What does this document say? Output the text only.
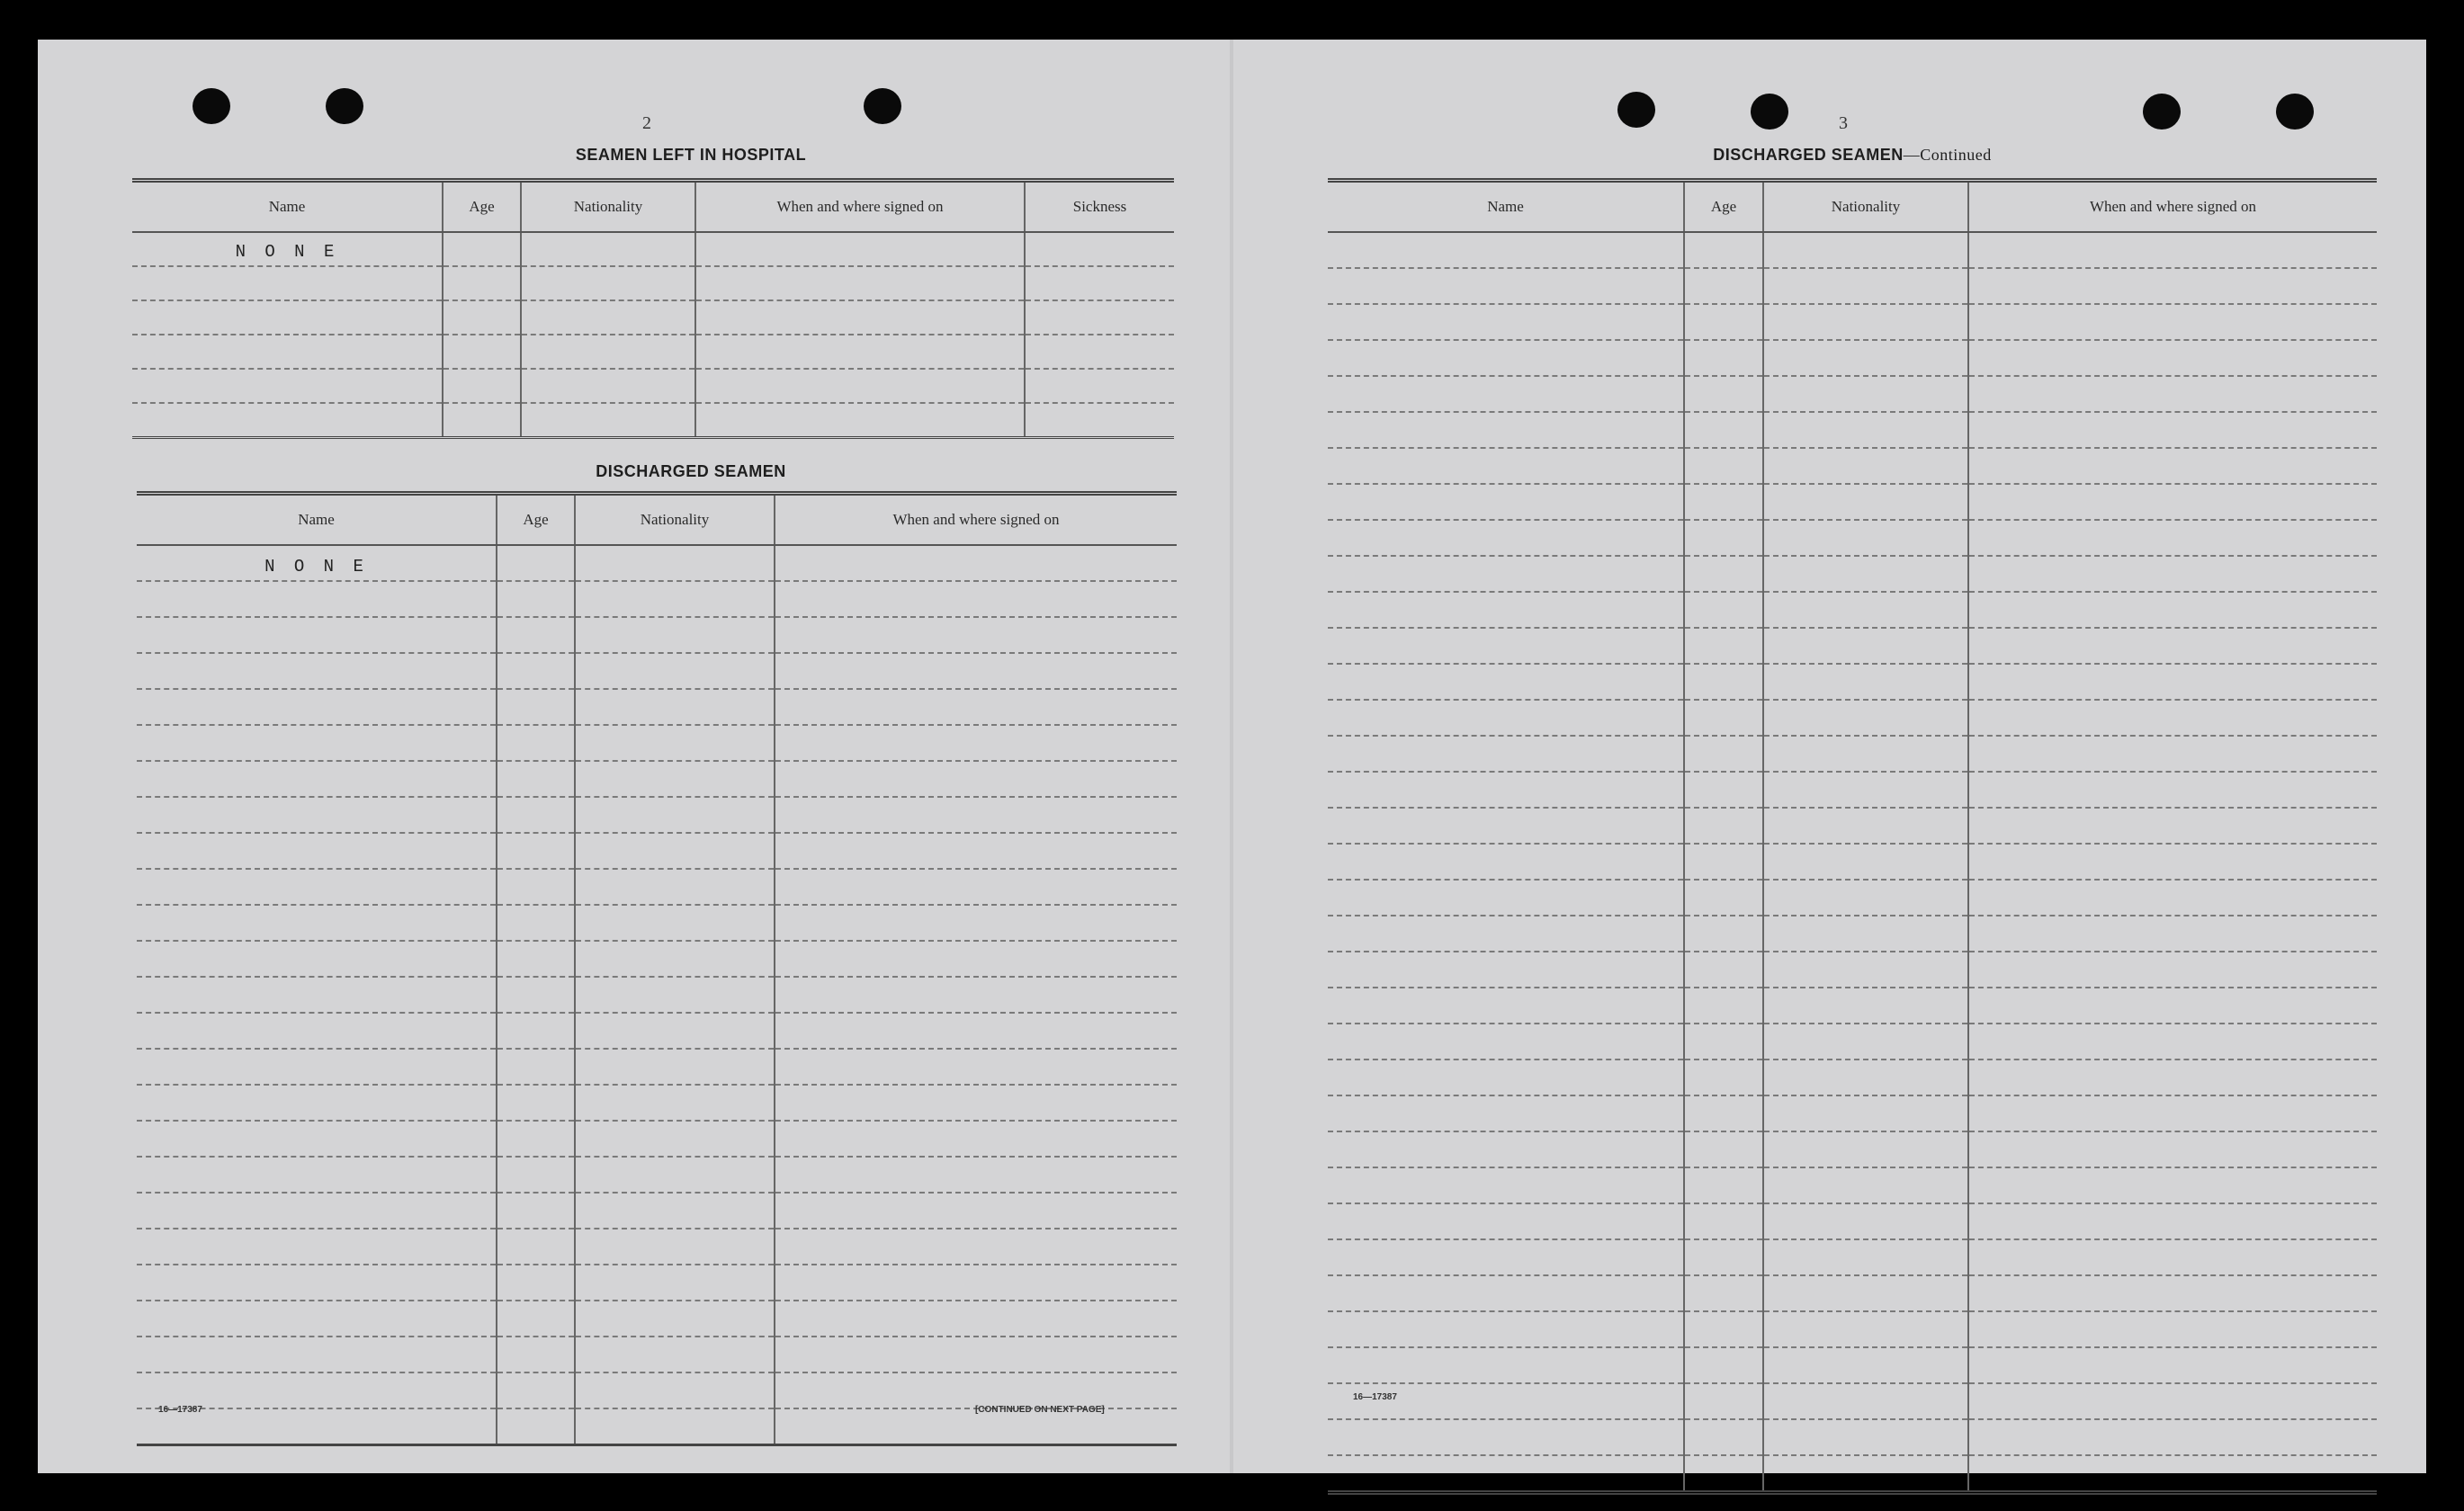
2
SEAMEN LEFT IN HOSPITAL
Name	Age	Nationality	When and where signed on	Sickness
N O N E				

DISCHARGED SEAMEN
Name	Age	Nationality	When and where signed on
N O N E			

16—17387	[CONTINUED ON NEXT PAGE]
3
DISCHARGED SEAMEN—Continued
Name	Age	Nationality	When and where signed on

16—17387
